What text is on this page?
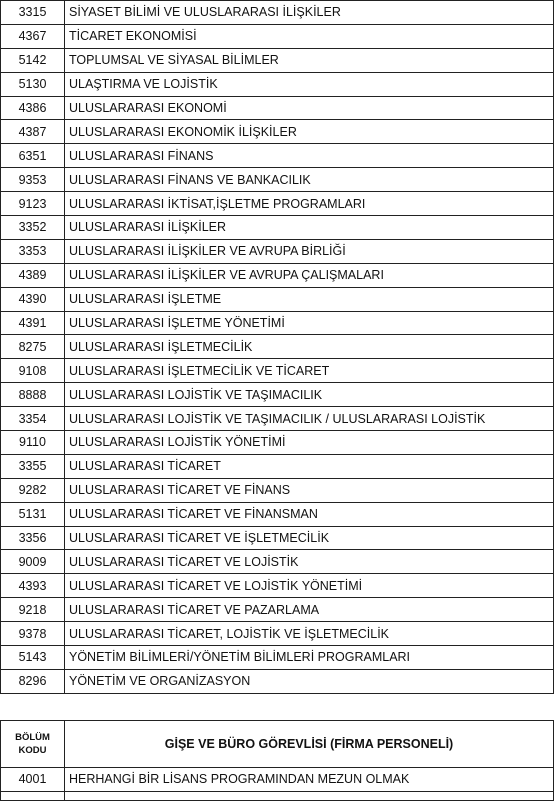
3315	SİYASET BİLİMİ VE ULUSLARARASI İLİŞKİLER
4367	TİCARET EKONOMİSİ
5142	TOPLUMSAL VE SİYASAL BİLİMLER
5130	ULAŞTIRMA VE LOJİSTİK
4386	ULUSLARARASI EKONOMİ
4387	ULUSLARARASI EKONOMİK İLİŞKİLER
6351	ULUSLARARASI FİNANS
9353	ULUSLARARASI FİNANS VE BANKACILIK
9123	ULUSLARARASI İKTİSAT,İŞLETME PROGRAMLARI
3352	ULUSLARARASI İLİŞKİLER
3353	ULUSLARARASI İLİŞKİLER VE AVRUPA BİRLİĞİ
4389	ULUSLARARASI İLİŞKİLER VE AVRUPA ÇALIŞMALARI
4390	ULUSLARARASI İŞLETME
4391	ULUSLARARASI İŞLETME YÖNETİMİ
8275	ULUSLARARASI İŞLETMECİLİK
9108	ULUSLARARASI İŞLETMECİLİK VE TİCARET
8888	ULUSLARARASI LOJİSTİK VE TAŞIMACILIK
3354	ULUSLARARASI LOJİSTİK VE TAŞIMACILIK / ULUSLARARASI LOJİSTİK
9110	ULUSLARARASI LOJİSTİK YÖNETİMİ
3355	ULUSLARARASI TİCARET
9282	ULUSLARARASI TİCARET VE FİNANS
5131	ULUSLARARASI TİCARET VE FİNANSMAN
3356	ULUSLARARASI TİCARET VE İŞLETMECİLİK
9009	ULUSLARARASI TİCARET VE LOJİSTİK
4393	ULUSLARARASI TİCARET VE LOJİSTİK YÖNETİMİ
9218	ULUSLARARASI TİCARET VE PAZARLAMA
9378	ULUSLARARASI TİCARET, LOJİSTİK VE İŞLETMECİLİK
5143	YÖNETİM BİLİMLERİ/YÖNETİM BİLİMLERİ PROGRAMLARI
8296	YÖNETİM VE ORGANİZASYON
BÖLÜM
KODU	GİŞE VE BÜRO GÖREVLİSİ (FİRMA PERSONELİ)
4001	HERHANGİ BİR LİSANS PROGRAMINDAN MEZUN OLMAK
